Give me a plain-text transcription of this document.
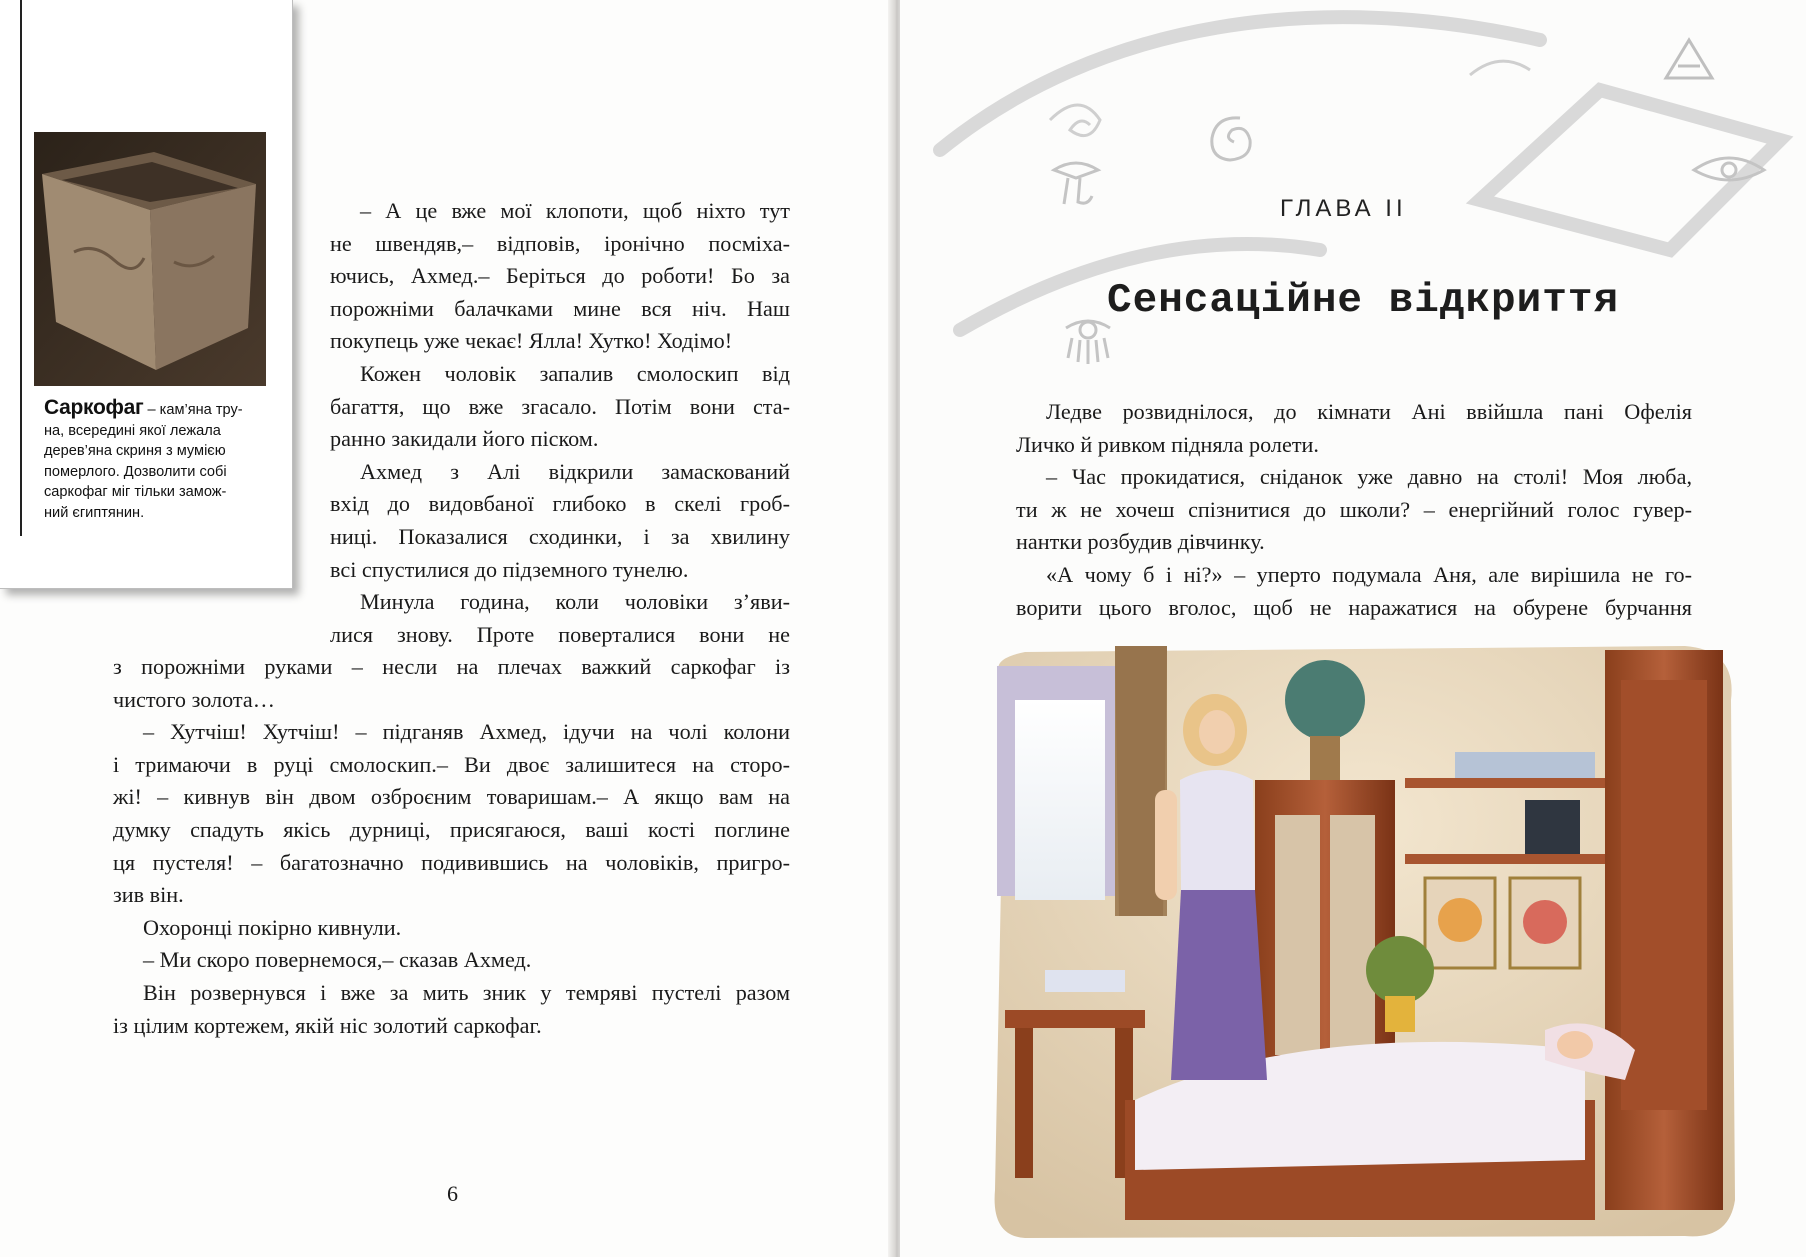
Саркофаг – кам’яна тру-
на, всередині якої лежала
дерев’яна скриня з мумією
померлого. Дозволити собі
саркофаг міг тільки замож-
ний єгиптянин.

– А це вже мої клопоти, щоб ніхто тут

не швендяв,– відповів, іронічно посміха-

ючись, Ахмед.– Беріться до роботи! Бо за

порожніми балачками мине вся ніч. Наш

покупець уже чекає! Ялла! Хутко! Ходімо!

Кожен чоловік запалив смолоскип від

багаття, що вже згасало. Потім вони ста-

ранно закидали його піском.

Ахмед з Алі відкрили замаскований

вхід до видовбаної глибоко в скелі гроб-

ниці. Показалися сходинки, і за хвилину

всі спустилися до підземного тунелю.

Минула година, коли чоловіки з’яви-

лися знову. Проте поверталися вони не

з порожніми руками – несли на плечах важкий саркофаг із

чистого золота…

– Хутчіш! Хутчіш! – підганяв Ахмед, ідучи на чолі колони

і тримаючи в руці смолоскип.– Ви двоє залишитеся на сторо-

жі! – кивнув він двом озброєним товаришам.– А якщо вам на

думку спадуть якісь дурниці, присягаюся, ваші кості поглине

ця пустеля! – багатозначно подивившись на чоловіків, пригро-

зив він.

Охоронці покірно кивнули.

– Ми скоро повернемося,– сказав Ахмед.

Він розвернувся і вже за мить зник у темряві пустелі разом

із цілим кортежем, якій ніс золотий саркофаг.

6
ГЛАВА II
Сенсаційне відкриття

Ледве розвиднілося, до кімнати Ані ввійшла пані Офелія

Личко й ривком підняла ролети.

– Час прокидатися, сніданок уже давно на столі! Моя люба,

ти ж не хочеш спізнитися до школи? – енергійний голос гувер-

нантки розбудив дівчинку.

«А чому б і ні?» – уперто подумала Аня, але вирішила не го-

ворити цього вголос, щоб не наражатися на обурене бурчання
